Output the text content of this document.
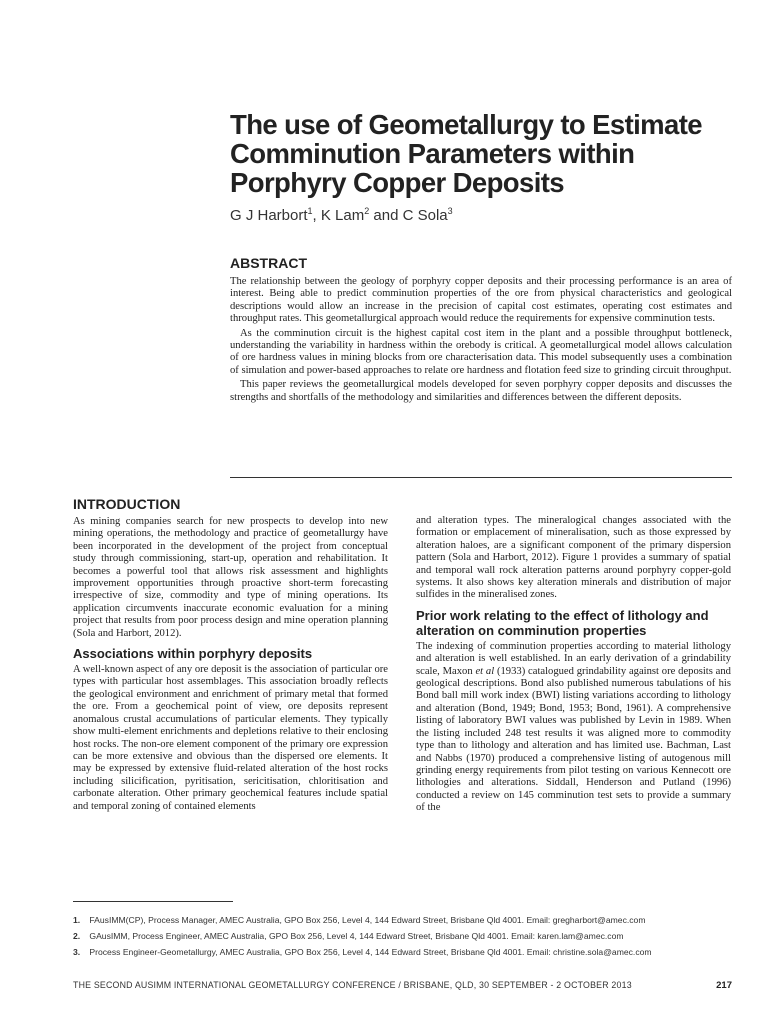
The use of Geometallurgy to Estimate Comminution Parameters within Porphyry Copper Deposits
G J Harbort$^1$, K Lam$^2$ and C Sola$^3$
ABSTRACT

The relationship between the geology of porphyry copper deposits and their processing performance is an area of interest. Being able to predict comminution properties of the ore from physical characteristics and geological descriptions would allow an increase in the precision of capital cost estimates, operating cost estimates and throughput rates. This geometallurgical approach would reduce the requirements for expensive comminution tests.

As the comminution circuit is the highest capital cost item in the plant and a possible throughput bottleneck, understanding the variability in hardness within the orebody is critical. A geometallurgical model allows calculation of ore hardness values in mining blocks from ore characterisation data. This model subsequently uses a combination of simulation and power-based approaches to relate ore hardness and flotation feed size to grinding circuit throughput.

This paper reviews the geometallurgical models developed for seven porphyry copper deposits and discusses the strengths and shortfalls of the methodology and similarities and differences between the different deposits.

INTRODUCTION

As mining companies search for new prospects to develop into new mining operations, the methodology and practice of geometallurgy have been incorporated in the development of the project from conceptual study through commissioning, start-up, operation and rehabilitation. It becomes a powerful tool that allows risk assessment and highlights improvement opportunities through proactive short-term forecasting irrespective of size, commodity and type of mining operations. Its application circumvents inaccurate economic evaluation for a mining project that results from poor process design and mine operation planning (Sola and Harbort, 2012).

Associations within porphyry deposits

A well-known aspect of any ore deposit is the association of particular ore types with particular host assemblages. This association broadly reflects the geological environment and enrichment of primary metal that formed the ore. From a geochemical point of view, ore deposits represent anomalous crustal accumulations of particular elements. They typically show multi-element enrichments and depletions relative to their enclosing host rocks. The non-ore element component of the primary ore expression can be more extensive and obvious than the dispersed ore elements. It may be expressed by extensive fluid-related alteration of the host rocks including silicification, pyritisation, sericitisation, chloritisation and carbonate alteration. Other primary geochemical features include spatial and temporal zoning of contained elements

and alteration types. The mineralogical changes associated with the formation or emplacement of mineralisation, such as those expressed by alteration haloes, are a significant component of the primary dispersion pattern (Sola and Harbort, 2012). Figure 1 provides a summary of spatial and temporal wall rock alteration patterns around porphyry copper-gold systems. It also shows key alteration minerals and distribution of major sulfides in the mineralised zones.

Prior work relating to the effect of lithology and alteration on comminution properties

The indexing of comminution properties according to material lithology and alteration is well established. In an early derivation of a grindability scale, Maxon et al (1933) catalogued grindability against ore deposits and geological descriptions. Bond also published numerous tabulations of his Bond ball mill work index (BWI) listing variations according to lithology and alteration (Bond, 1949; Bond, 1953; Bond, 1961). A comprehensive listing of laboratory BWI values was published by Levin in 1989. When the listing included 248 test results it was aligned more to commodity type than to lithology and alteration and has limited use. Bachman, Last and Nabbs (1970) produced a comprehensive listing of autogenous mill grinding energy requirements from pilot testing on various Kennecott ore lithologies and alterations. Siddall, Henderson and Putland (1996) conducted a review on 145 comminution test sets to provide a summary of the

1. FAusIMM(CP), Process Manager, AMEC Australia, GPO Box 256, Level 4, 144 Edward Street, Brisbane Qld 4001. Email: gregharbort@amec.com
2. GAusIMM, Process Engineer, AMEC Australia, GPO Box 256, Level 4, 144 Edward Street, Brisbane Qld 4001. Email: karen.lam@amec.com
3. Process Engineer-Geometallurgy, AMEC Australia, GPO Box 256, Level 4, 144 Edward Street, Brisbane Qld 4001. Email: christine.sola@amec.com
THE SECOND AUSIMM INTERNATIONAL GEOMETALLURGY CONFERENCE / BRISBANE, QLD, 30 SEPTEMBER - 2 OCTOBER 2013	217
